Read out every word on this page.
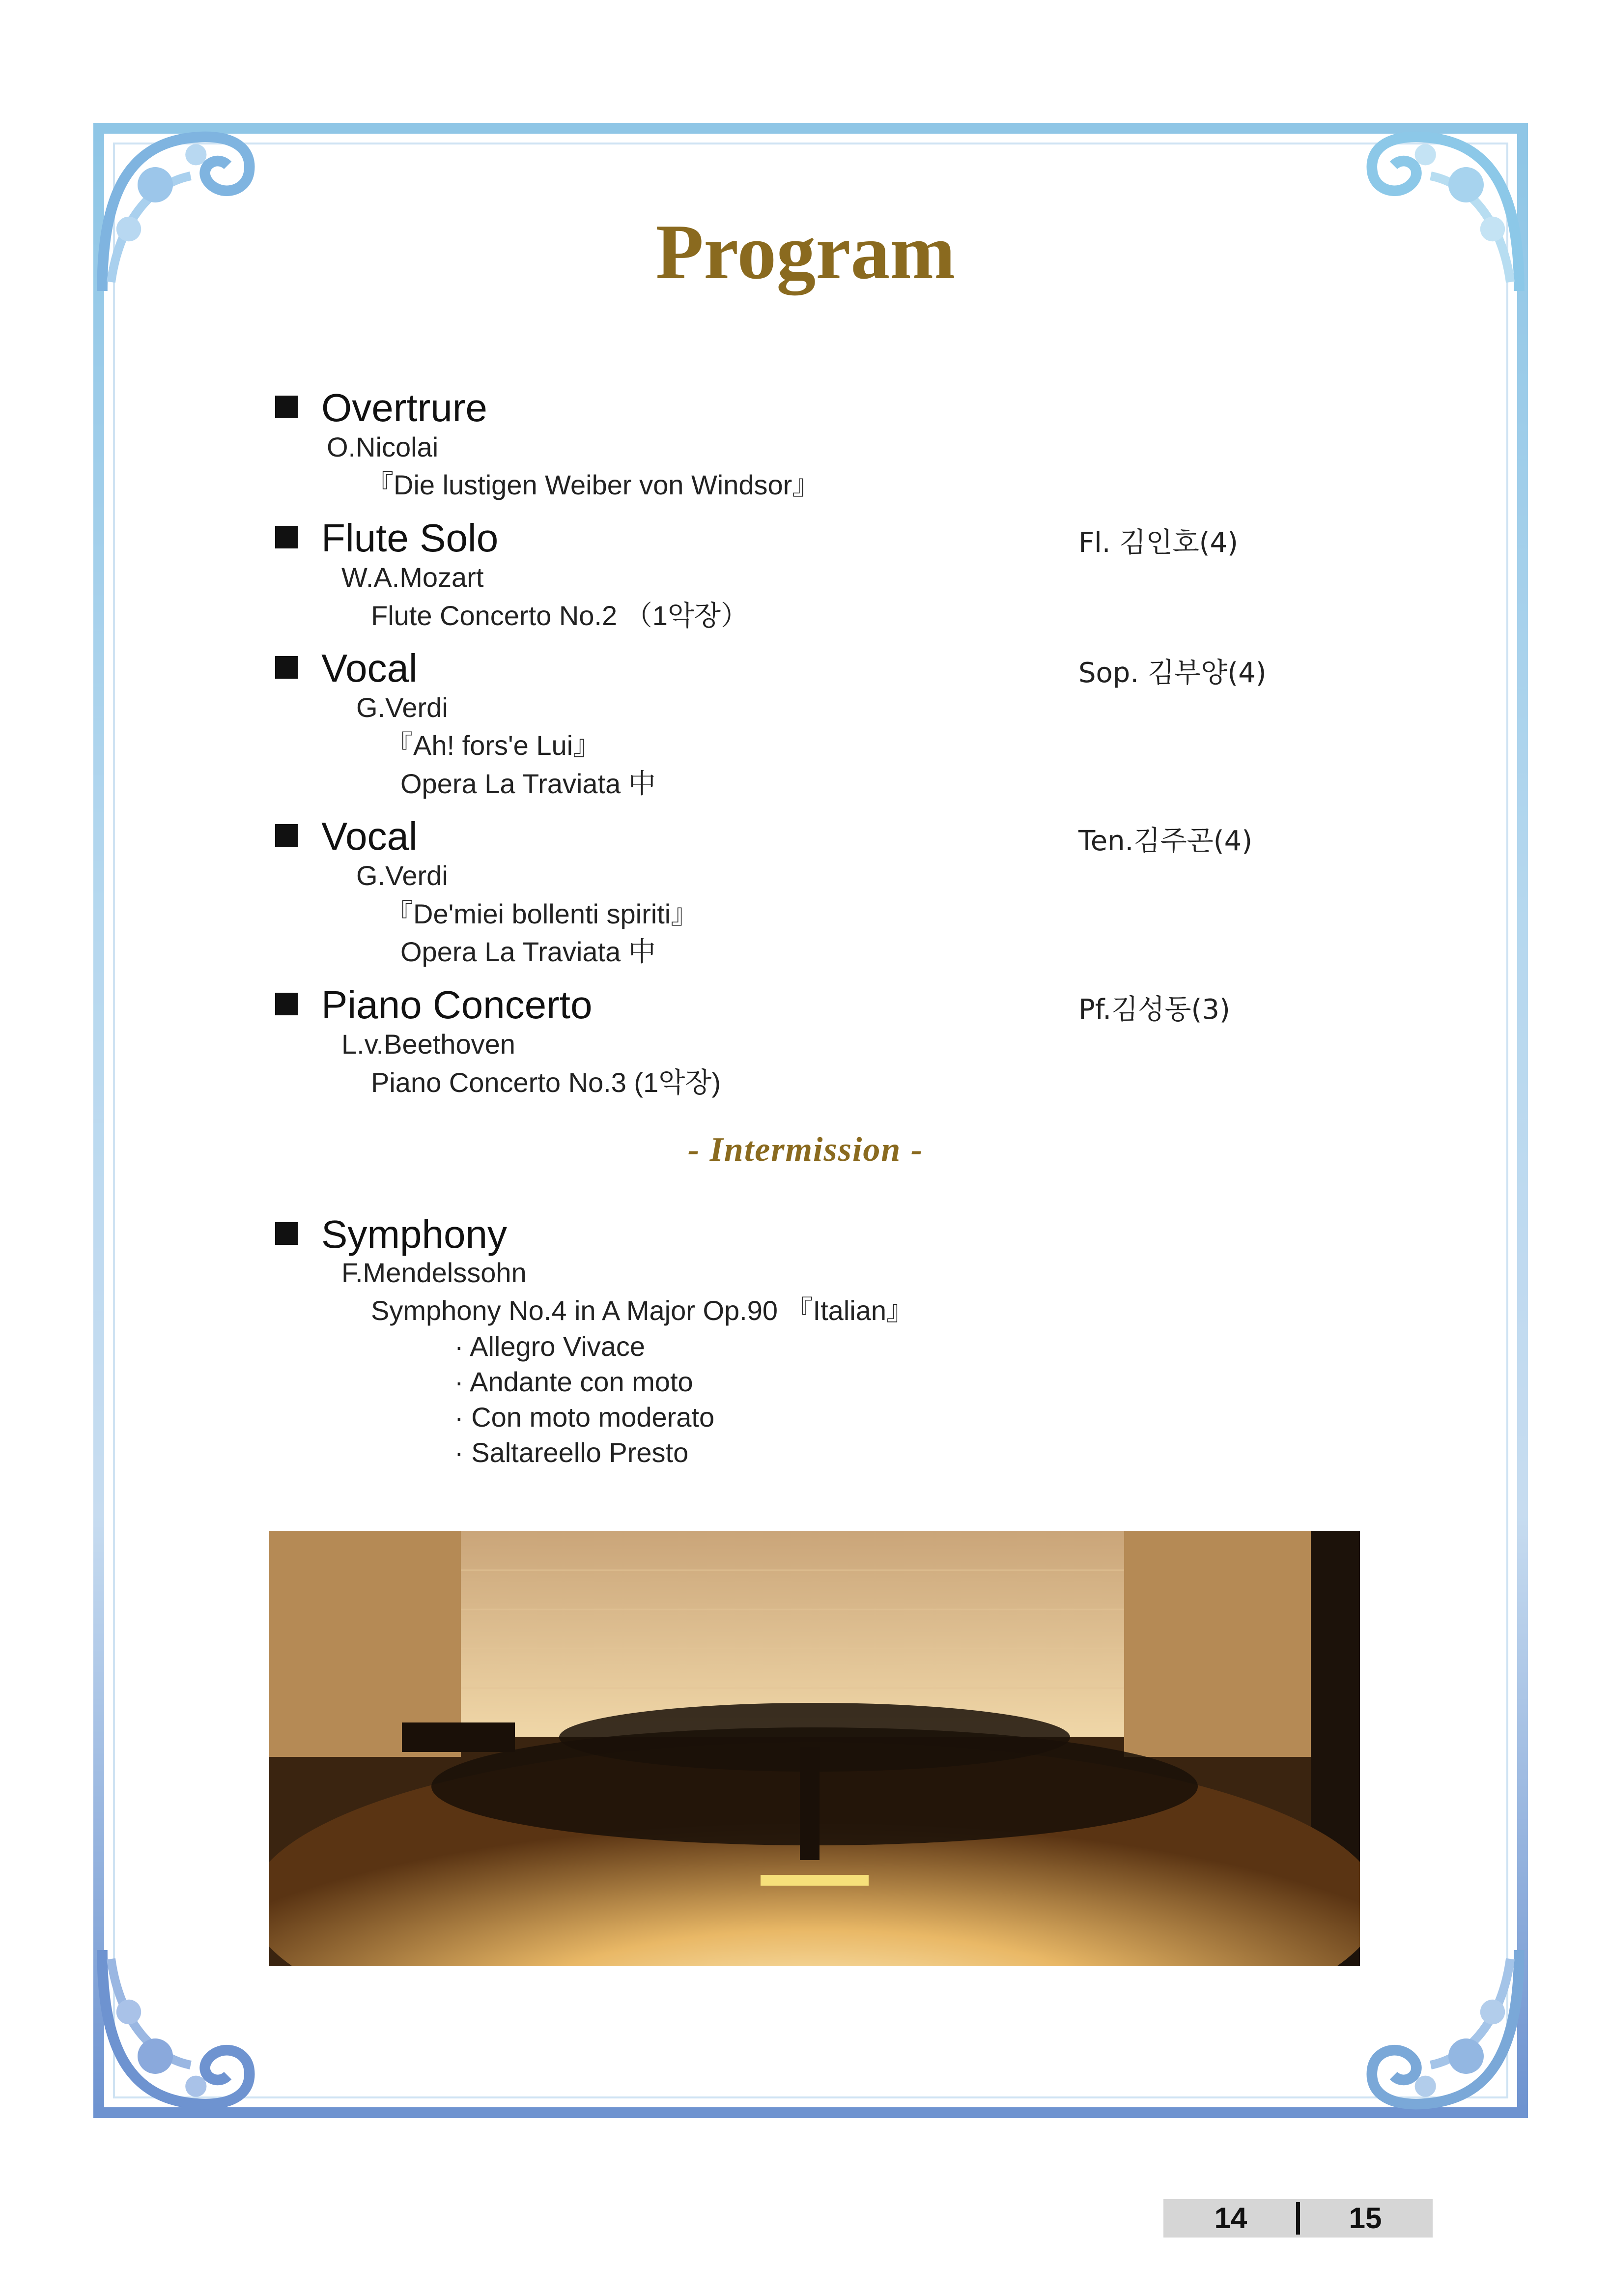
Program
Overtrure
O.Nicolai
『Die lustigen Weiber von Windsor』
Flute Solo	Fl. 김인호(4)
W.A.Mozart
Flute Concerto No.2 （1악장）
Vocal	Sop. 김부양(4)
G.Verdi
『Ah! fors'e Lui』
Opera La Traviata 中
Vocal	Ten.김주곤(4)
G.Verdi
『De'miei bollenti spiriti』
Opera La Traviata 中
Piano Concerto	Pf.김성동(3)
L.v.Beethoven
Piano Concerto No.3 (1악장)
- Intermission -
Symphony
F.Mendelssohn
Symphony No.4 in A Major Op.90 『Italian』
· Allegro Vivace
· Andante con moto
· Con moto moderato
· Saltareello Presto
14	15
